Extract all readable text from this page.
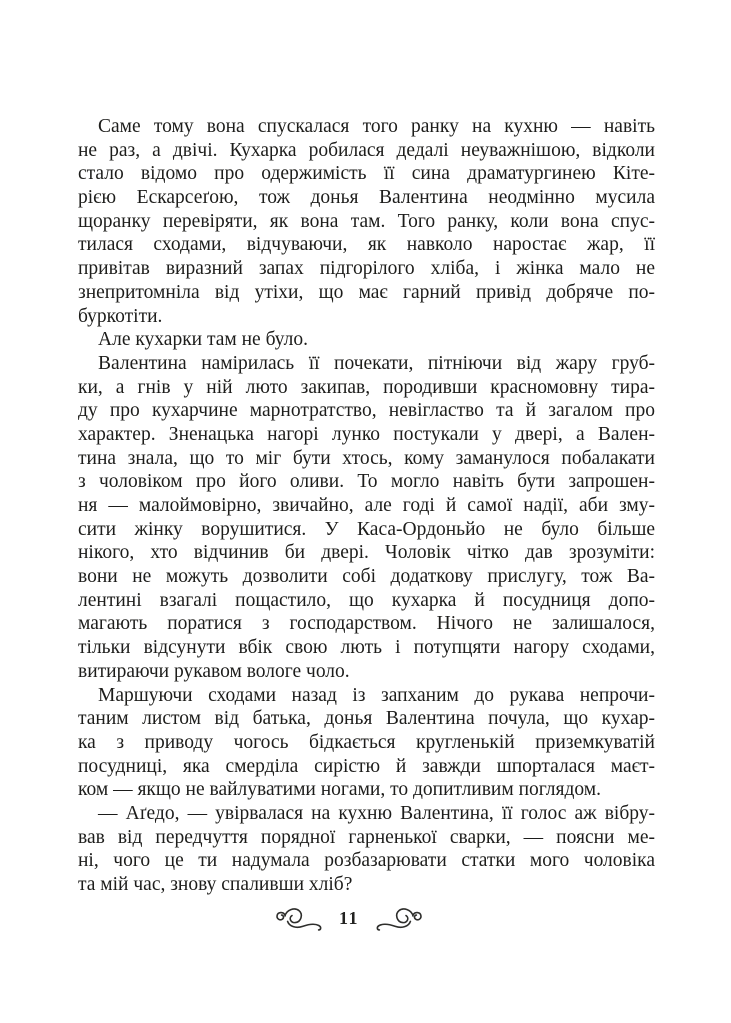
Саме тому вона спускалася того ранку на кухню — навіть
не раз, а двічі. Кухарка робилася дедалі неуважнішою, відколи
стало відомо про одержимість її сина драматургинею Кіте-
рією Ескарсеґою, тож донья Валентина неодмінно мусила
щоранку перевіряти, як вона там. Того ранку, коли вона спус-
тилася сходами, відчуваючи, як навколо наростає жар, її
привітав виразний запах підгорілого хліба, і жінка мало не
знепритомніла від утіхи, що має гарний привід добряче по-
буркотіти.
Але кухарки там не було.
Валентина намірилась її почекати, пітніючи від жару груб-
ки, а гнів у ній люто закипав, породивши красномовну тира-
ду про кухарчине марнотратство, невігластво та й загалом про
характер. Зненацька нагорі лунко постукали у двері, а Вален-
тина знала, що то міг бути хтось, кому заманулося побалакати
з чоловіком про його оливи. То могло навіть бути запрошен-
ня — малоймовірно, звичайно, але годі й самої надії, аби зму-
сити жінку ворушитися. У Каса-Ордоньйо не було більше
нікого, хто відчинив би двері. Чоловік чітко дав зрозуміти:
вони не можуть дозволити собі додаткову прислугу, тож Ва-
лентині взагалі пощастило, що кухарка й посудниця допо-
магають поратися з господарством. Нічого не залишалося,
тільки відсунути вбік свою лють і потупцяти нагору сходами,
витираючи рукавом вологе чоло.
Маршуючи сходами назад із запханим до рукава непрочи-
таним листом від батька, донья Валентина почула, що кухар-
ка з приводу чогось бідкається кругленькій приземкуватій
посудниці, яка смерділа сирістю й завжди шпорталася маєт-
ком — якщо не вайлуватими ногами, то допитливим поглядом.
— Аґедо, — увірвалася на кухню Валентина, її голос аж вібру-
вав від передчуття порядної гарненької сварки, — поясни ме-
ні, чого це ти надумала розбазарювати статки мого чоловіка
та мій час, знову спаливши хліб?
11
